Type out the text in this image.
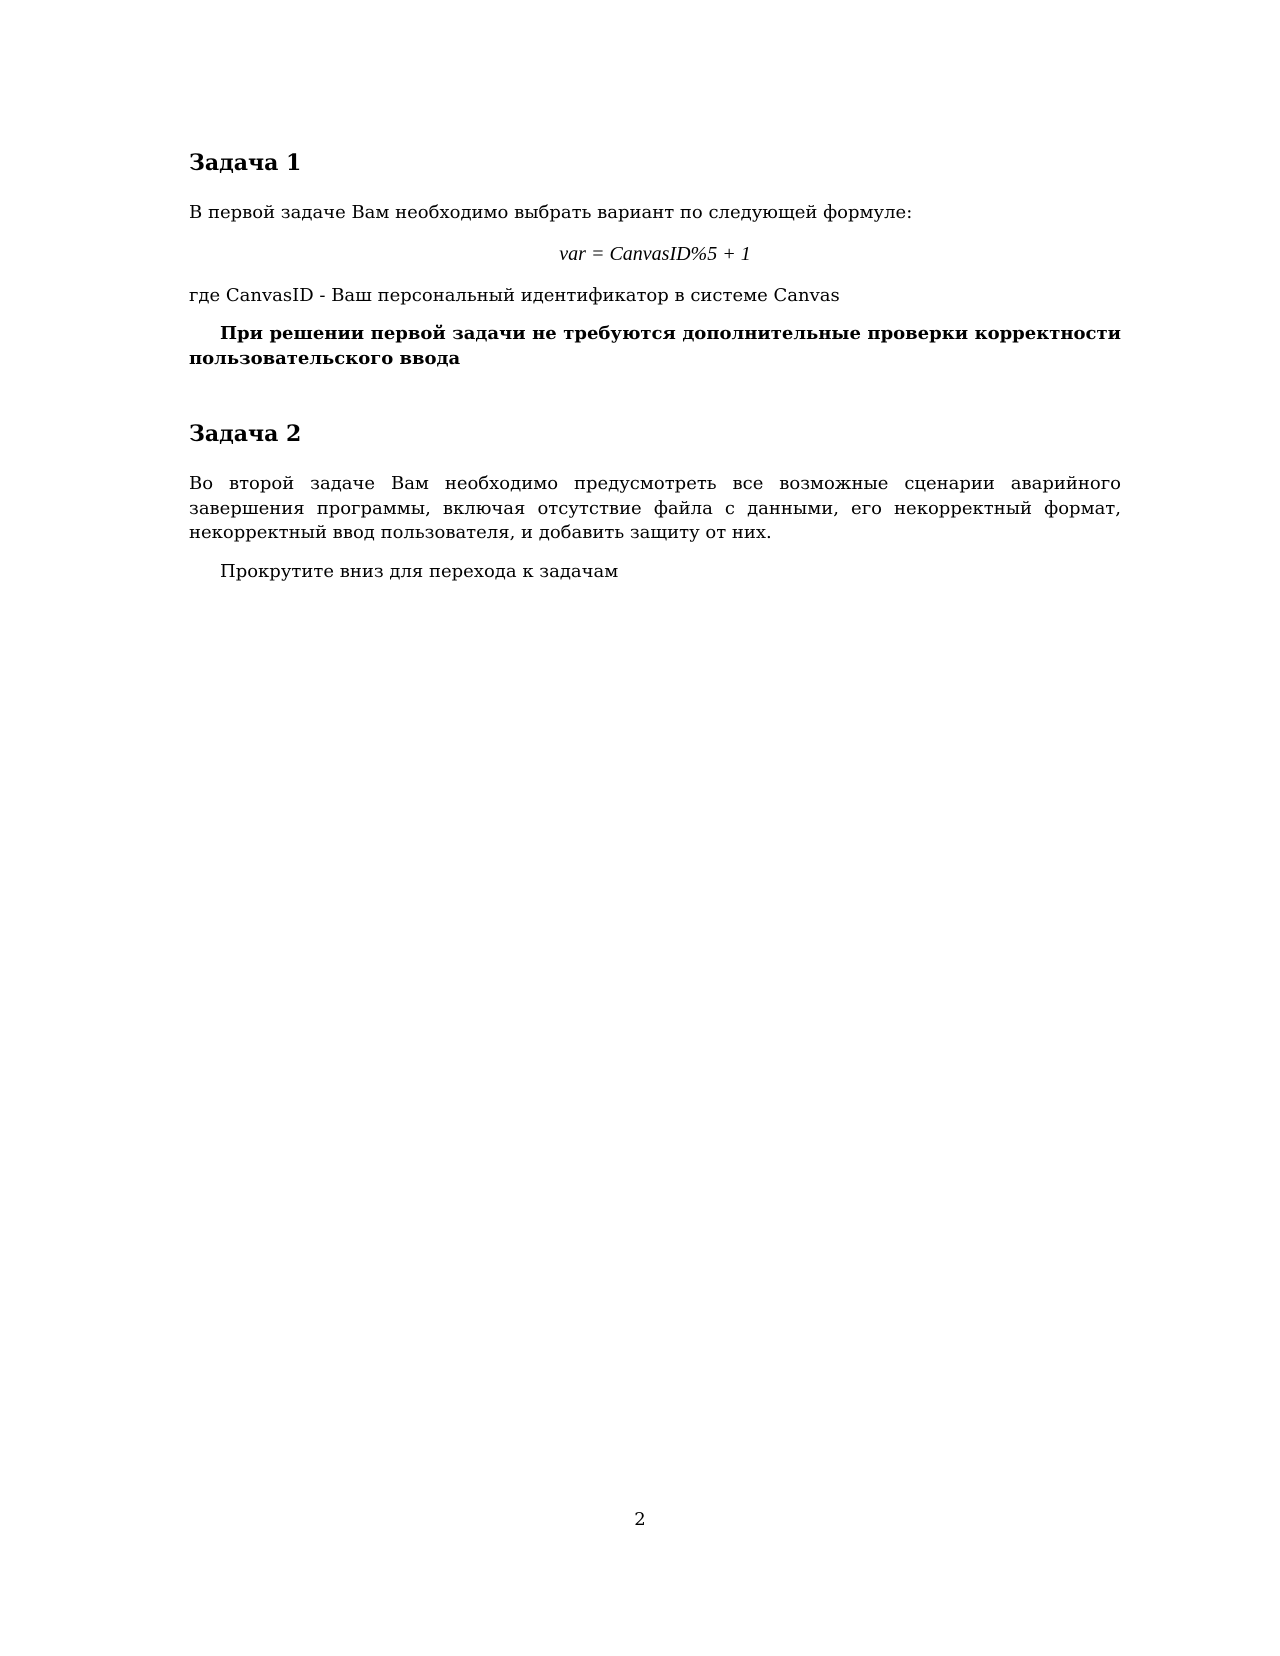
Задача 1

В первой задаче Вам необходимо выбрать вариант по следующей формуле:

var = CanvasID%5 + 1

где CanvasID - Ваш персональный идентификатор в системе Canvas

При решении первой задачи не требуются дополнительные проверки корректности пользовательского ввода

Задача 2

Во второй задаче Вам необходимо предусмотреть все возможные сценарии аварийного завершения программы, включая отсутствие файла с данными, его некорректный формат, некорректный ввод пользователя, и добавить защиту от них.

Прокрутите вниз для перехода к задачам

2
